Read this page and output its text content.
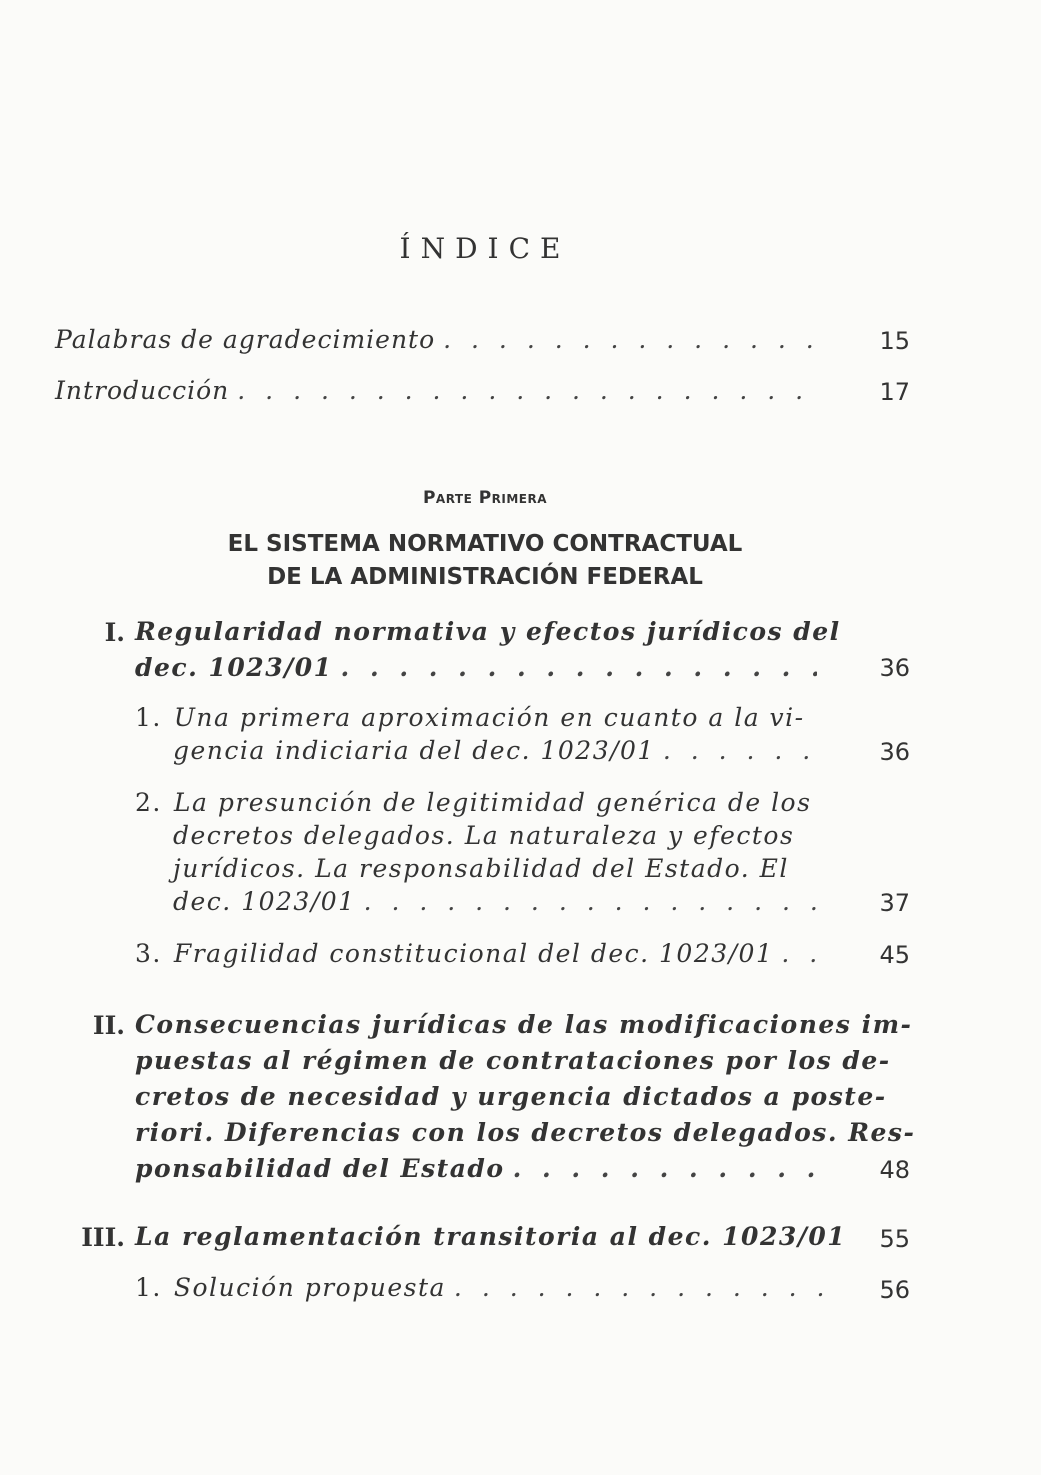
ÍNDICE
Palabras de agradecimiento . . .	15
Introducción . . .	17
Parte Primera
EL SISTEMA NORMATIVO CONTRACTUAL
DE LA ADMINISTRACIÓN FEDERAL
I. Regularidad normativa y efectos jurídicos del
dec. 1023/01 . . .	36
1. Una primera aproximación en cuanto a la vi-
gencia indiciaria del dec. 1023/01 . . .	36
2. La presunción de legitimidad genérica de los
decretos delegados. La naturaleza y efectos
jurídicos. La responsabilidad del Estado. El
dec. 1023/01 . . .	37
3. Fragilidad constitucional del dec. 1023/01 . . .	45
II. Consecuencias jurídicas de las modificaciones im-
puestas al régimen de contrataciones por los de-
cretos de necesidad y urgencia dictados a poste-
riori. Diferencias con los decretos delegados. Res-
ponsabilidad del Estado . . .	48
III. La reglamentación transitoria al dec. 1023/01	55
1. Solución propuesta . . .	56
